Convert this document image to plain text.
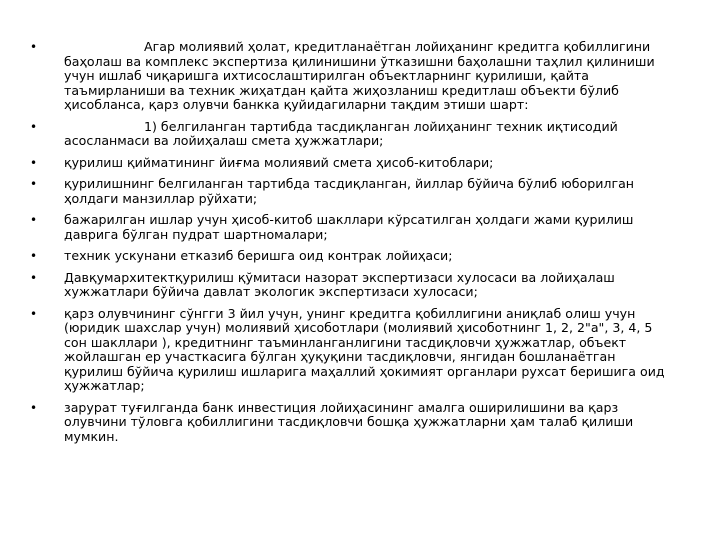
•	Агар молиявий ҳолат, кредитланаётган лойиҳанинг кредитга қобиллигини
баҳолаш ва комплекс экспертиза қилинишини ўтказишни баҳолашни таҳлил қилиниши
учун ишлаб чиқаришга ихтисослаштирилган объектларнинг қурилиши, қайта
таъмирланиши ва техник жиҳатдан қайта жиҳозланиш кредитлаш объекти бўлиб
ҳисобланса, қарз олувчи банкка қуйидагиларни тақдим этиши шарт:
•	1) белгиланган тартибда тасдиқланган лойиҳанинг техник иқтисодий
асосланмаси ва лойиҳалаш смета ҳужжатлари;
• қурилиш қийматининг йиғма молиявий смета ҳисоб-китоблари;
• қурилишнинг белгиланган тартибда тасдиқланган, йиллар бўйича бўлиб юборилган
ҳолдаги манзиллар рўйхати;
• бажарилган ишлар учун ҳисоб-китоб шакллари кўрсатилган ҳолдаги жами қурилиш
даврига бўлган пудрат шартномалари;
• техник ускунани етказиб беришга оид контрак лойиҳаси;
• Давқумархитектқурилиш қўмитаси назорат экспертизаси хулосаси ва лойиҳалаш
хужжатлари бўйича давлат экологик экспертизаси хулосаси;
• қарз олувчининг сўнгги 3 йил учун, унинг кредитга қобиллигини аниқлаб олиш учун
(юридик шахслар учун) молиявий ҳисоботлари (молиявий ҳисоботнинг 1, 2, 2"а", 3, 4, 5
сон шакллари ), кредитнинг таъминланганлигини тасдиқловчи ҳужжатлар, объект
жойлашган ер участкасига бўлган ҳуқуқини тасдиқловчи, янгидан бошланаётган
қурилиш бўйича қурилиш ишларига маҳаллий ҳокимият органлари рухсат беришига оид
ҳужжатлар;
• зарурат туғилганда банк инвестиция лойиҳасининг амалга оширилишини ва қарз
олувчини тўловга қобиллигини тасдиқловчи бошқа ҳужжатларни ҳам талаб қилиши
мумкин.
